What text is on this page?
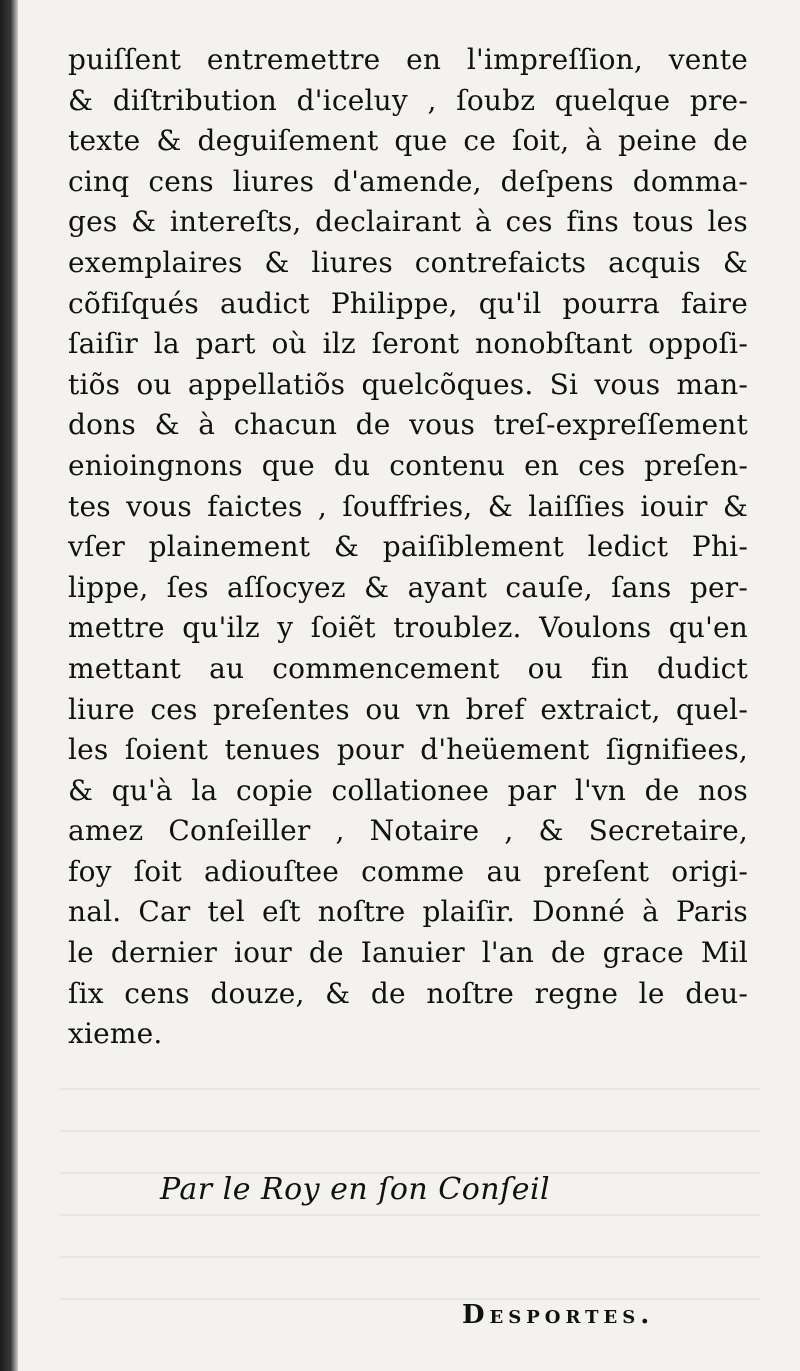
puiſſent entremettre en l'impreſſion, vente
& diſtribution d'iceluy , ſoubz quelque pre-
texte & deguiſement que ce ſoit, à peine de
cinq cens liures d'amende, deſpens domma-
ges & intereſts, declairant à ces fins tous les
exemplaires & liures contrefaicts acquis &
cõfiſqués audict Philippe, qu'il pourra faire
ſaiſir la part où ilz ſeront nonobſtant oppoſi-
tiõs ou appellatiõs quelcõques. Si vous man-
dons & à chacun de vous treſ-expreſſement
enioingnons que du contenu en ces preſen-
tes vous faictes , ſouffries, & laiſſies iouir &
vſer plainement & paiſiblement ledict Phi-
lippe, ſes aſſocyez & ayant cauſe, ſans per-
mettre qu'ilz y ſoiẽt troublez. Voulons qu'en
mettant au commencement ou fin dudict
liure ces preſentes ou vn bref extraict, quel-
les ſoient tenues pour d'heüement ſignifiees,
& qu'à la copie collationee par l'vn de nos
amez Conſeiller , Notaire , & Secretaire,
foy ſoit adiouſtee comme au preſent origi-
nal. Car tel eſt noſtre plaiſir. Donné à Paris
le dernier iour de Ianuier l'an de grace Mil
ſix cens douze, & de noſtre regne le deu-
xieme.
Par le Roy en ſon Conſeil
Desportes.
